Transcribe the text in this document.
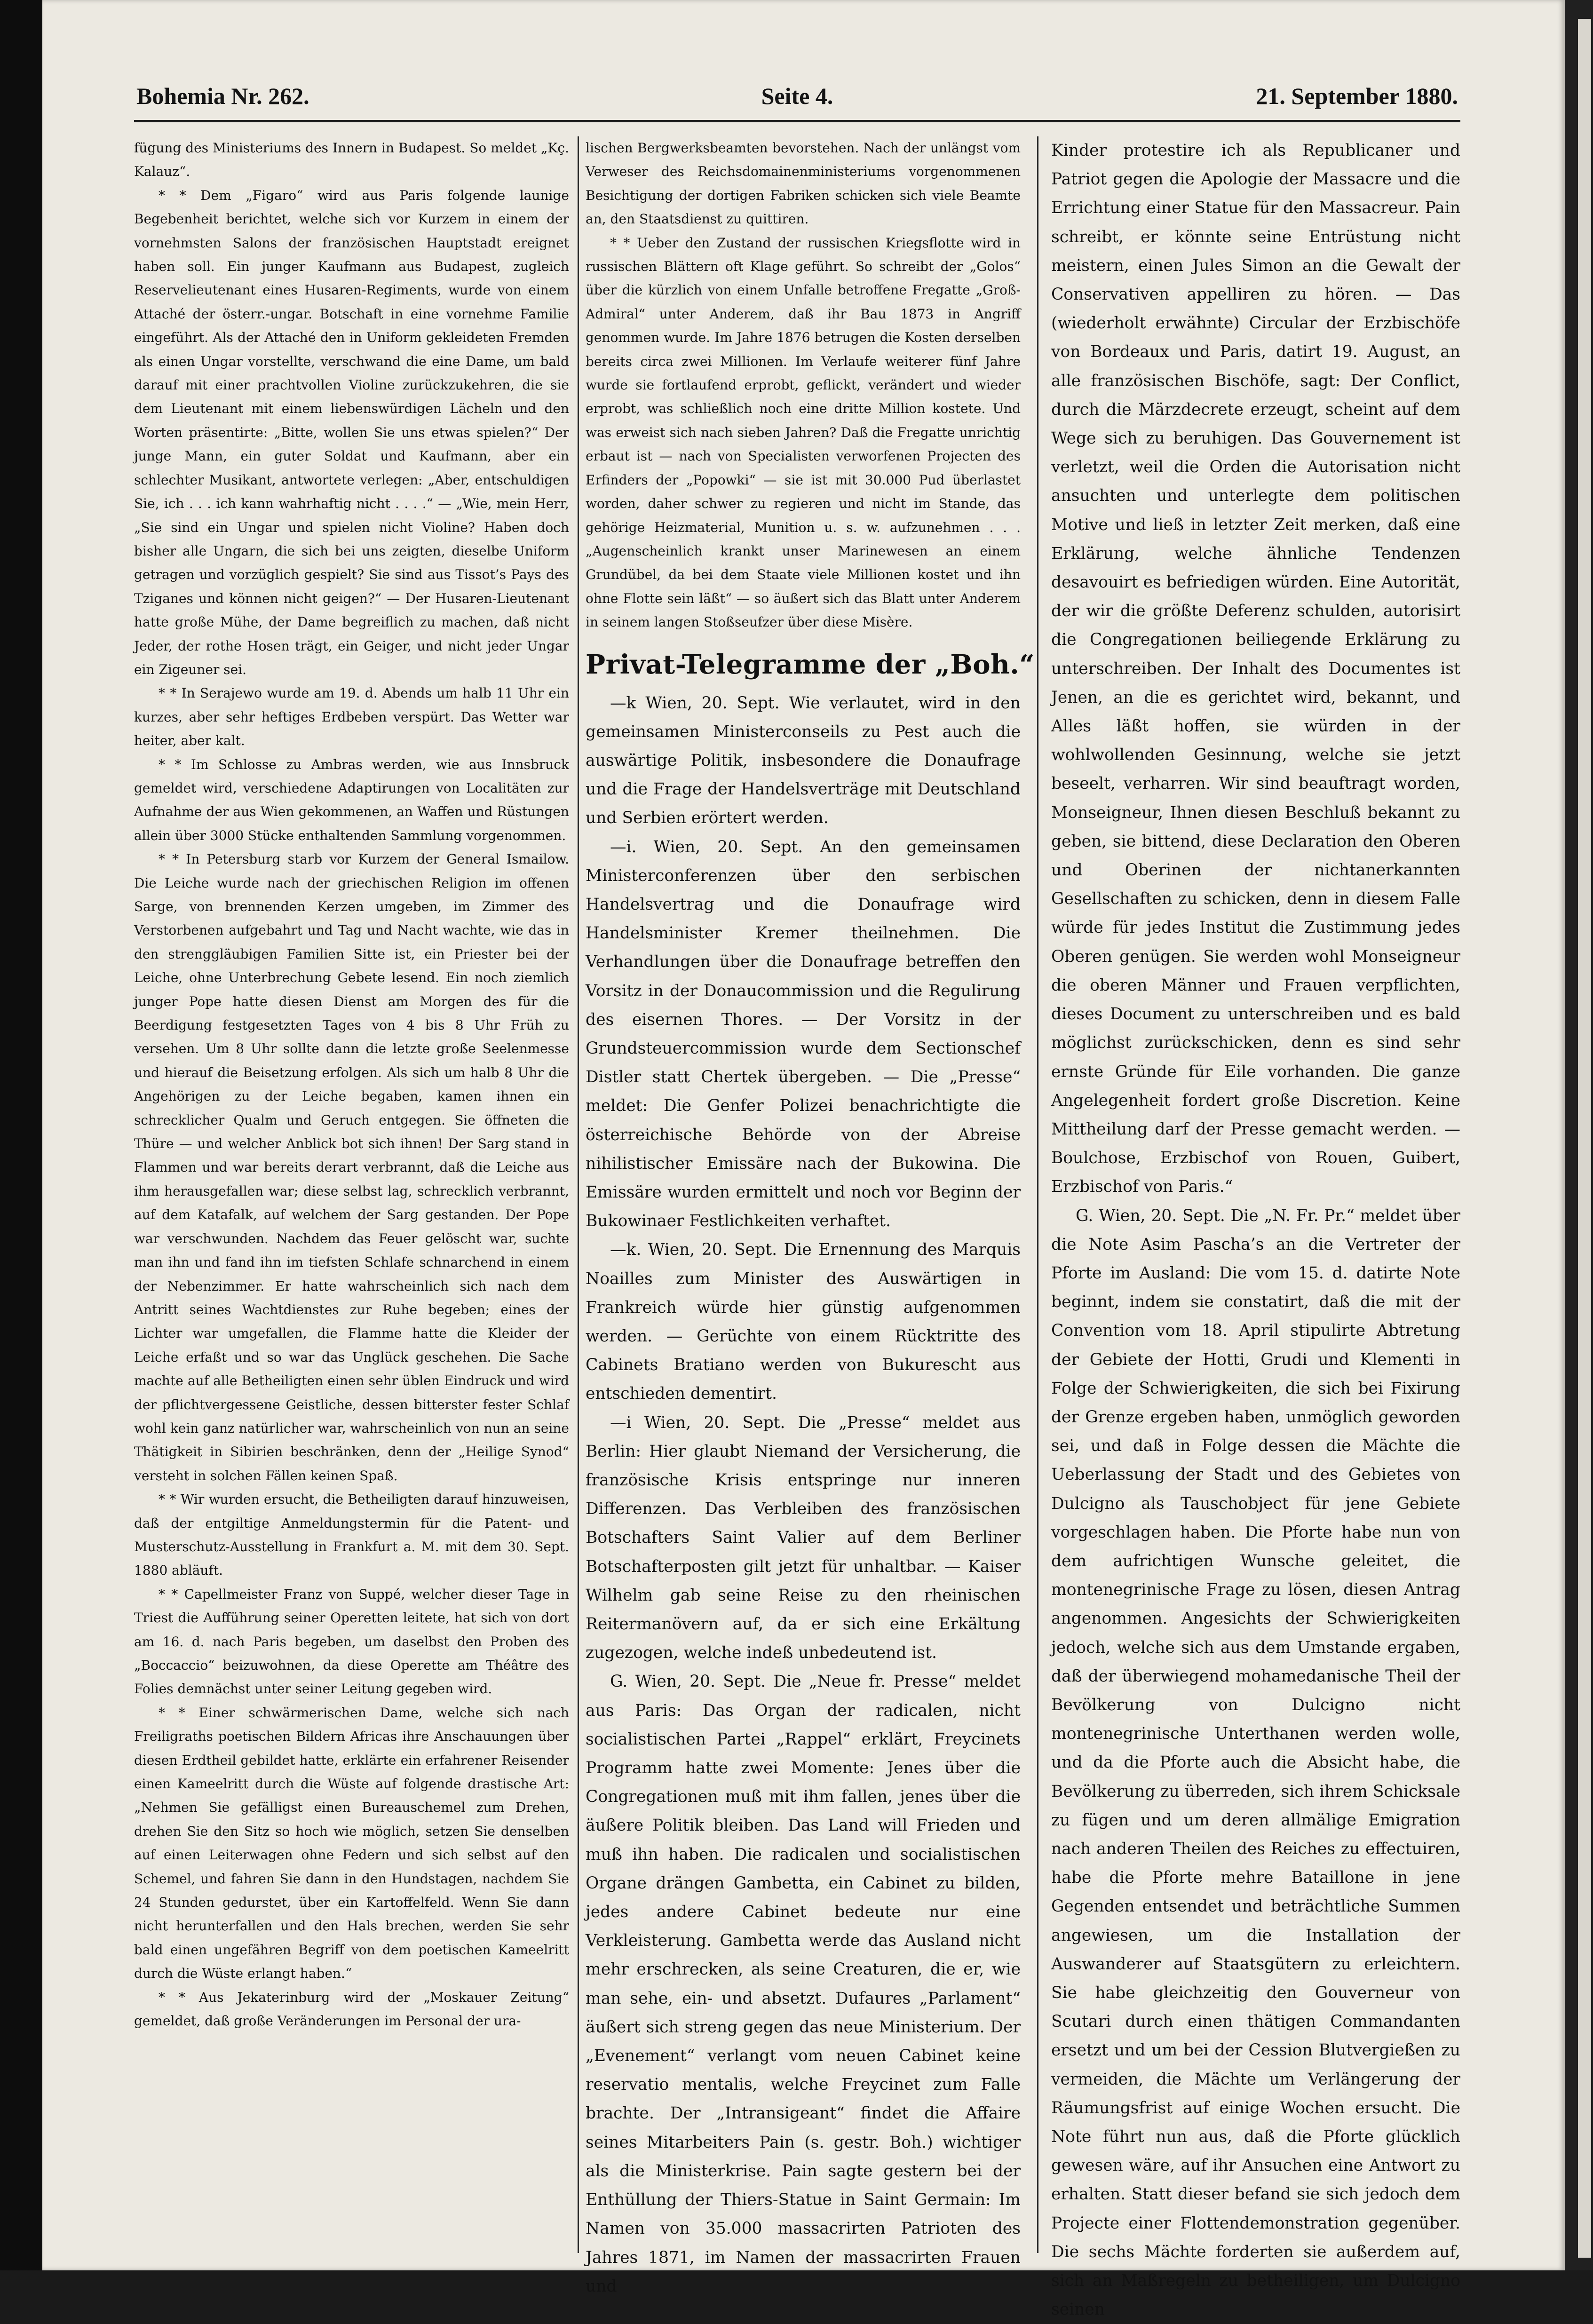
Bohemia Nr. 262.	Seite 4.	21. September 1880.

fügung des Ministeriums des Innern in Budapest. So meldet „Kç. Kalauz“.

* * Dem „Figaro“ wird aus Paris folgende launige Begebenheit berichtet, welche sich vor Kurzem in einem der vornehmsten Salons der französischen Hauptstadt ereignet haben soll. Ein junger Kaufmann aus Budapest, zugleich Reservelieutenant eines Husaren-Regiments, wurde von einem Attaché der österr.-ungar. Botschaft in eine vornehme Familie eingeführt. Als der Attaché den in Uniform gekleideten Fremden als einen Ungar vorstellte, verschwand die eine Dame, um bald darauf mit einer prachtvollen Violine zurückzukehren, die sie dem Lieutenant mit einem liebenswürdigen Lächeln und den Worten präsentirte: „Bitte, wollen Sie uns etwas spielen?“ Der junge Mann, ein guter Soldat und Kaufmann, aber ein schlechter Musikant, antwortete verlegen: „Aber, entschuldigen Sie, ich . . . ich kann wahrhaftig nicht . . . .“ — „Wie, mein Herr, „Sie sind ein Ungar und spielen nicht Violine? Haben doch bisher alle Ungarn, die sich bei uns zeigten, dieselbe Uniform getragen und vorzüglich gespielt? Sie sind aus Tissot’s Pays des Tziganes und können nicht geigen?“ — Der Husaren-Lieutenant hatte große Mühe, der Dame begreiflich zu machen, daß nicht Jeder, der rothe Hosen trägt, ein Geiger, und nicht jeder Ungar ein Zigeuner sei.

* * In Serajewo wurde am 19. d. Abends um halb 11 Uhr ein kurzes, aber sehr heftiges Erdbeben verspürt. Das Wetter war heiter, aber kalt.

* * Im Schlosse zu Ambras werden, wie aus Innsbruck gemeldet wird, verschiedene Adaptirungen von Localitäten zur Aufnahme der aus Wien gekommenen, an Waffen und Rüstungen allein über 3000 Stücke enthaltenden Sammlung vorgenommen.

* * In Petersburg starb vor Kurzem der General Ismailow. Die Leiche wurde nach der griechischen Religion im offenen Sarge, von brennenden Kerzen umgeben, im Zimmer des Verstorbenen aufgebahrt und Tag und Nacht wachte, wie das in den strenggläubigen Familien Sitte ist, ein Priester bei der Leiche, ohne Unterbrechung Gebete lesend. Ein noch ziemlich junger Pope hatte diesen Dienst am Morgen des für die Beerdigung festgesetzten Tages von 4 bis 8 Uhr Früh zu versehen. Um 8 Uhr sollte dann die letzte große Seelenmesse und hierauf die Beisetzung erfolgen. Als sich um halb 8 Uhr die Angehörigen zu der Leiche begaben, kamen ihnen ein schrecklicher Qualm und Geruch entgegen. Sie öffneten die Thüre — und welcher Anblick bot sich ihnen! Der Sarg stand in Flammen und war bereits derart verbrannt, daß die Leiche aus ihm herausgefallen war; diese selbst lag, schrecklich verbrannt, auf dem Katafalk, auf welchem der Sarg gestanden. Der Pope war verschwunden. Nachdem das Feuer gelöscht war, suchte man ihn und fand ihn im tiefsten Schlafe schnarchend in einem der Nebenzimmer. Er hatte wahrscheinlich sich nach dem Antritt seines Wachtdienstes zur Ruhe begeben; eines der Lichter war umgefallen, die Flamme hatte die Kleider der Leiche erfaßt und so war das Unglück geschehen. Die Sache machte auf alle Betheiligten einen sehr üblen Eindruck und wird der pflichtvergessene Geistliche, dessen bitterster fester Schlaf wohl kein ganz natürlicher war, wahrscheinlich von nun an seine Thätigkeit in Sibirien beschränken, denn der „Heilige Synod“ versteht in solchen Fällen keinen Spaß.

* * Wir wurden ersucht, die Betheiligten darauf hinzuweisen, daß der entgiltige Anmeldungstermin für die Patent- und Musterschutz-Ausstellung in Frankfurt a. M. mit dem 30. Sept. 1880 abläuft.

* * Capellmeister Franz von Suppé, welcher dieser Tage in Triest die Aufführung seiner Operetten leitete, hat sich von dort am 16. d. nach Paris begeben, um daselbst den Proben des „Boccaccio“ beizuwohnen, da diese Operette am Théâtre des Folies demnächst unter seiner Leitung gegeben wird.

* * Einer schwärmerischen Dame, welche sich nach Freiligraths poetischen Bildern Africas ihre Anschauungen über diesen Erdtheil gebildet hatte, erklärte ein erfahrener Reisender einen Kameelritt durch die Wüste auf folgende drastische Art: „Nehmen Sie gefälligst einen Bureauschemel zum Drehen, drehen Sie den Sitz so hoch wie möglich, setzen Sie denselben auf einen Leiterwagen ohne Federn und sich selbst auf den Schemel, und fahren Sie dann in den Hundstagen, nachdem Sie 24 Stunden gedurstet, über ein Kartoffelfeld. Wenn Sie dann nicht herunterfallen und den Hals brechen, werden Sie sehr bald einen ungefähren Begriff von dem poetischen Kameelritt durch die Wüste erlangt haben.“

* * Aus Jekaterinburg wird der „Moskauer Zeitung“ gemeldet, daß große Veränderungen im Personal der ura-

lischen Bergwerksbeamten bevorstehen. Nach der unlängst vom Verweser des Reichsdomainenministeriums vorgenommenen Besichtigung der dortigen Fabriken schicken sich viele Beamte an, den Staatsdienst zu quittiren.

* * Ueber den Zustand der russischen Kriegsflotte wird in russischen Blättern oft Klage geführt. So schreibt der „Golos“ über die kürzlich von einem Unfalle betroffene Fregatte „Groß-Admiral“ unter Anderem, daß ihr Bau 1873 in Angriff genommen wurde. Im Jahre 1876 betrugen die Kosten derselben bereits circa zwei Millionen. Im Verlaufe weiterer fünf Jahre wurde sie fortlaufend erprobt, geflickt, verändert und wieder erprobt, was schließlich noch eine dritte Million kostete. Und was erweist sich nach sieben Jahren? Daß die Fregatte unrichtig erbaut ist — nach von Specialisten verworfenen Projecten des Erfinders der „Popowki“ — sie ist mit 30.000 Pud überlastet worden, daher schwer zu regieren und nicht im Stande, das gehörige Heizmaterial, Munition u. s. w. aufzunehmen . . . „Augenscheinlich krankt unser Marinewesen an einem Grundübel, da bei dem Staate viele Millionen kostet und ihn ohne Flotte sein läßt“ — so äußert sich das Blatt unter Anderem in seinem langen Stoßseufzer über diese Misère.

Privat-Telegramme der „Boh.“

—k Wien, 20. Sept. Wie verlautet, wird in den gemeinsamen Ministerconseils zu Pest auch die auswärtige Politik, insbesondere die Donaufrage und die Frage der Handelsverträge mit Deutschland und Serbien erörtert werden.

—i. Wien, 20. Sept. An den gemeinsamen Ministerconferenzen über den serbischen Handelsvertrag und die Donaufrage wird Handelsminister Kremer theilnehmen. Die Verhandlungen über die Donaufrage betreffen den Vorsitz in der Donaucommission und die Regulirung des eisernen Thores. — Der Vorsitz in der Grundsteuercommission wurde dem Sectionschef Distler statt Chertek übergeben. — Die „Presse“ meldet: Die Genfer Polizei benachrichtigte die österreichische Behörde von der Abreise nihilistischer Emissäre nach der Bukowina. Die Emissäre wurden ermittelt und noch vor Beginn der Bukowinaer Festlichkeiten verhaftet.

—k. Wien, 20. Sept. Die Ernennung des Marquis Noailles zum Minister des Auswärtigen in Frankreich würde hier günstig aufgenommen werden. — Gerüchte von einem Rücktritte des Cabinets Bratiano werden von Bukurescht aus entschieden dementirt.

—i Wien, 20. Sept. Die „Presse“ meldet aus Berlin: Hier glaubt Niemand der Versicherung, die französische Krisis entspringe nur inneren Differenzen. Das Verbleiben des französischen Botschafters Saint Valier auf dem Berliner Botschafterposten gilt jetzt für unhaltbar. — Kaiser Wilhelm gab seine Reise zu den rheinischen Reitermanövern auf, da er sich eine Erkältung zugezogen, welche indeß unbedeutend ist.

G. Wien, 20. Sept. Die „Neue fr. Presse“ meldet aus Paris: Das Organ der radicalen, nicht socialistischen Partei „Rappel“ erklärt, Freycinets Programm hatte zwei Momente: Jenes über die Congregationen muß mit ihm fallen, jenes über die äußere Politik bleiben. Das Land will Frieden und muß ihn haben. Die radicalen und socialistischen Organe drängen Gambetta, ein Cabinet zu bilden, jedes andere Cabinet bedeute nur eine Verkleisterung. Gambetta werde das Ausland nicht mehr erschrecken, als seine Creaturen, die er, wie man sehe, ein- und absetzt. Dufaures „Parlament“ äußert sich streng gegen das neue Ministerium. Der „Evenement“ verlangt vom neuen Cabinet keine reservatio mentalis, welche Freycinet zum Falle brachte. Der „Intransigeant“ findet die Affaire seines Mitarbeiters Pain (s. gestr. Boh.) wichtiger als die Ministerkrise. Pain sagte gestern bei der Enthüllung der Thiers-Statue in Saint Germain: Im Namen von 35.000 massacrirten Patrioten des Jahres 1871, im Namen der massacrirten Frauen und

Kinder protestire ich als Republicaner und Patriot gegen die Apologie der Massacre und die Errichtung einer Statue für den Massacreur. Pain schreibt, er könnte seine Entrüstung nicht meistern, einen Jules Simon an die Gewalt der Conservativen appelliren zu hören. — Das (wiederholt erwähnte) Circular der Erzbischöfe von Bordeaux und Paris, datirt 19. August, an alle französischen Bischöfe, sagt: Der Conflict, durch die Märzdecrete erzeugt, scheint auf dem Wege sich zu beruhigen. Das Gouvernement ist verletzt, weil die Orden die Autorisation nicht ansuchten und unterlegte dem politischen Motive und ließ in letzter Zeit merken, daß eine Erklärung, welche ähnliche Tendenzen desavouirt es befriedigen würden. Eine Autorität, der wir die größte Deferenz schulden, autorisirt die Congregationen beiliegende Erklärung zu unterschreiben. Der Inhalt des Documentes ist Jenen, an die es gerichtet wird, bekannt, und Alles läßt hoffen, sie würden in der wohlwollenden Gesinnung, welche sie jetzt beseelt, verharren. Wir sind beauftragt worden, Monseigneur, Ihnen diesen Beschluß bekannt zu geben, sie bittend, diese Declaration den Oberen und Oberinen der nichtanerkannten Gesellschaften zu schicken, denn in diesem Falle würde für jedes Institut die Zustimmung jedes Oberen genügen. Sie werden wohl Monseigneur die oberen Männer und Frauen verpflichten, dieses Document zu unterschreiben und es bald möglichst zurückschicken, denn es sind sehr ernste Gründe für Eile vorhanden. Die ganze Angelegenheit fordert große Discretion. Keine Mittheilung darf der Presse gemacht werden. — Boulchose, Erzbischof von Rouen, Guibert, Erzbischof von Paris.“

G. Wien, 20. Sept. Die „N. Fr. Pr.“ meldet über die Note Asim Pascha’s an die Vertreter der Pforte im Ausland: Die vom 15. d. datirte Note beginnt, indem sie constatirt, daß die mit der Convention vom 18. April stipulirte Abtretung der Gebiete der Hotti, Grudi und Klementi in Folge der Schwierigkeiten, die sich bei Fixirung der Grenze ergeben haben, unmöglich geworden sei, und daß in Folge dessen die Mächte die Ueberlassung der Stadt und des Gebietes von Dulcigno als Tauschobject für jene Gebiete vorgeschlagen haben. Die Pforte habe nun von dem aufrichtigen Wunsche geleitet, die montenegrinische Frage zu lösen, diesen Antrag angenommen. Angesichts der Schwierigkeiten jedoch, welche sich aus dem Umstande ergaben, daß der überwiegend mohamedanische Theil der Bevölkerung von Dulcigno nicht montenegrinische Unterthanen werden wolle, und da die Pforte auch die Absicht habe, die Bevölkerung zu überreden, sich ihrem Schicksale zu fügen und um deren allmälige Emigration nach anderen Theilen des Reiches zu effectuiren, habe die Pforte mehre Bataillone in jene Gegenden entsendet und beträchtliche Summen angewiesen, um die Installation der Auswanderer auf Staatsgütern zu erleichtern. Sie habe gleichzeitig den Gouverneur von Scutari durch einen thätigen Commandanten ersetzt und um bei der Cession Blutvergießen zu vermeiden, die Mächte um Verlängerung der Räumungsfrist auf einige Wochen ersucht. Die Note führt nun aus, daß die Pforte glücklich gewesen wäre, auf ihr Ansuchen eine Antwort zu erhalten. Statt dieser befand sie sich jedoch dem Projecte einer Flottendemonstration gegenüber. Die sechs Mächte forderten sie außerdem auf, sich an Maßregeln zu betheiligen, um Dulcigno seinen
